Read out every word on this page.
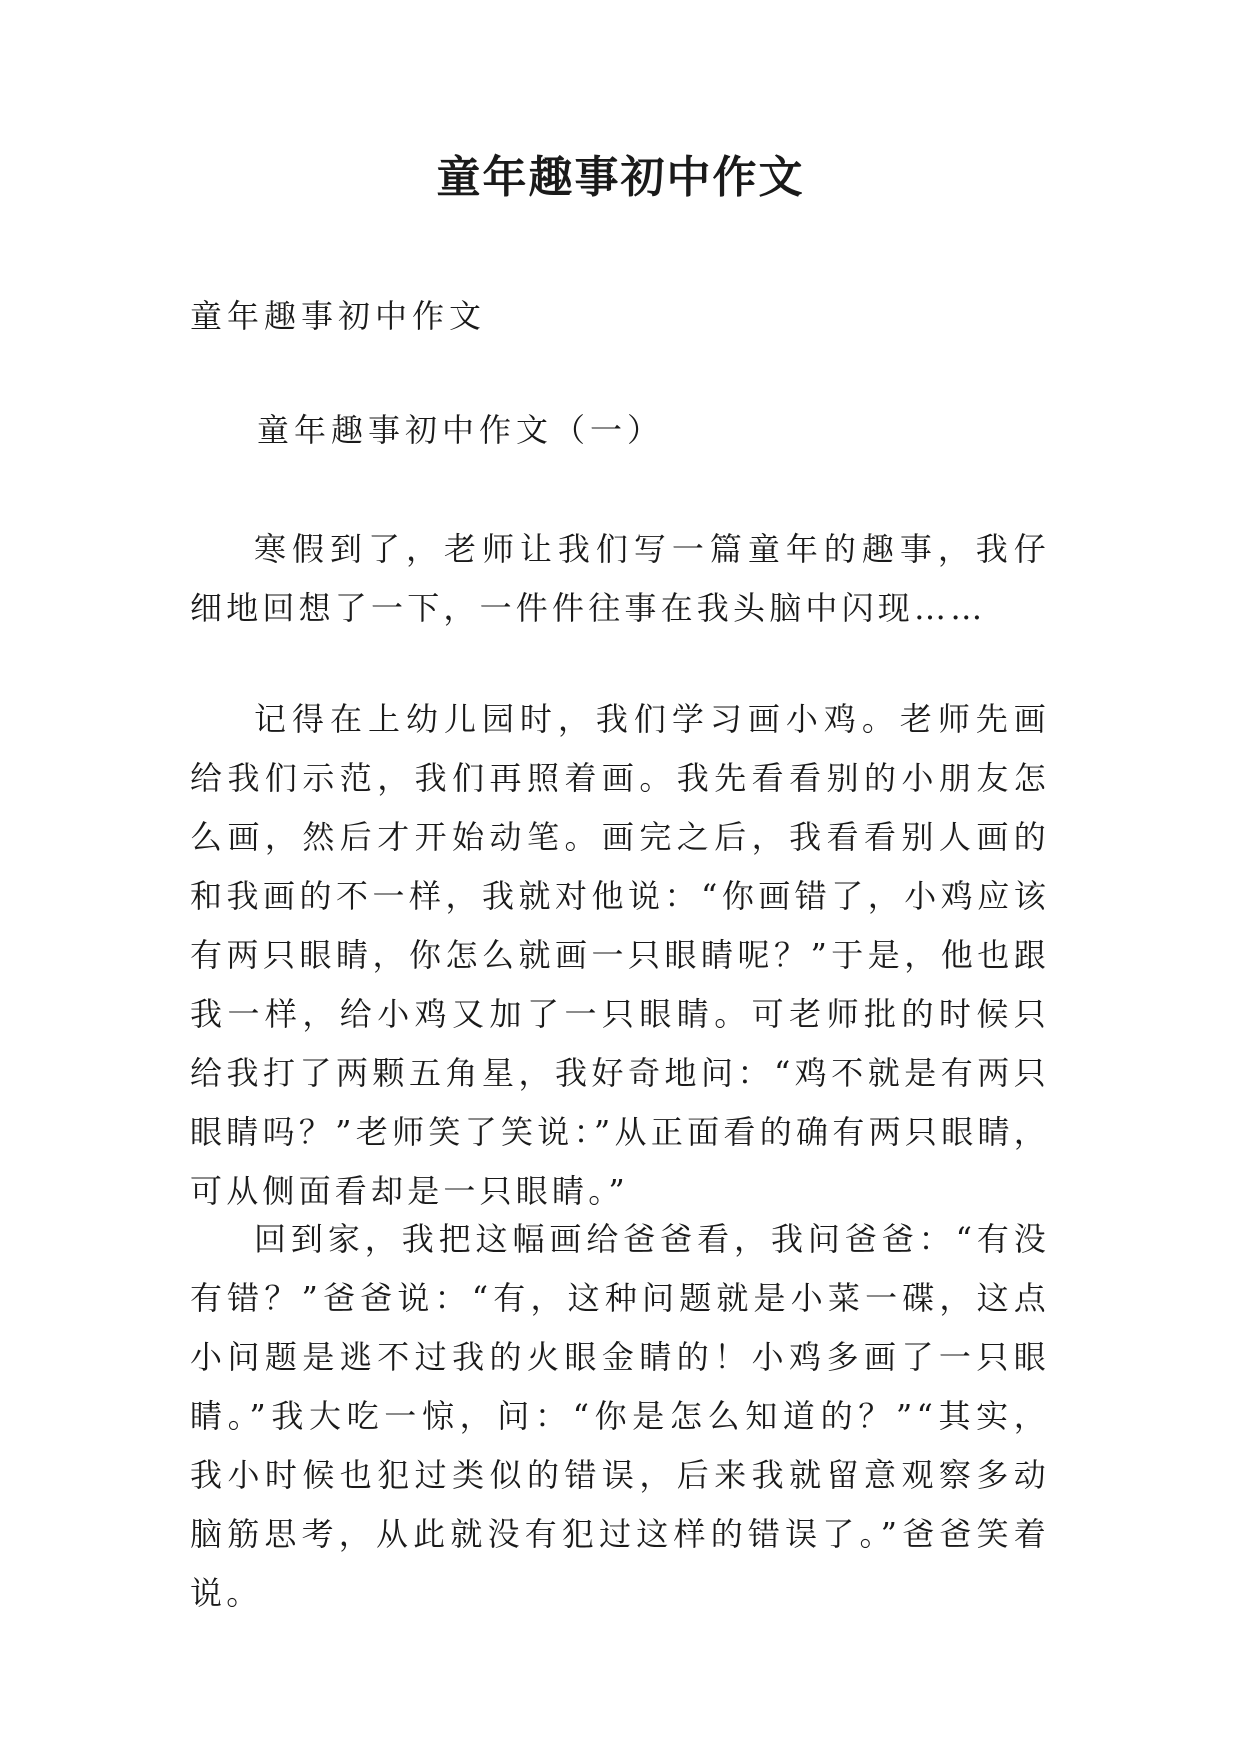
童年趣事初中作文

童年趣事初中作文

童年趣事初中作文（一）

寒假到了，老师让我们写一篇童年的趣事，我仔细地回想了一下，一件件往事在我头脑中闪现……

记得在上幼儿园时，我们学习画小鸡。老师先画给我们示范，我们再照着画。我先看看别的小朋友怎么画，然后才开始动笔。画完之后，我看看别人画的和我画的不一样，我就对他说：“你画错了，小鸡应该有两只眼睛，你怎么就画一只眼睛呢？”于是，他也跟我一样，给小鸡又加了一只眼睛。可老师批的时候只给我打了两颗五角星，我好奇地问：“鸡不就是有两只眼睛吗？”老师笑了笑说：”从正面看的确有两只眼睛，可从侧面看却是一只眼睛。”

回到家，我把这幅画给爸爸看，我问爸爸：“有没有错？”爸爸说：“有，这种问题就是小菜一碟，这点小问题是逃不过我的火眼金睛的！小鸡多画了一只眼睛。”我大吃一惊，问：“你是怎么知道的？”“其实，我小时候也犯过类似的错误，后来我就留意观察多动脑筋思考，从此就没有犯过这样的错误了。”爸爸笑着说。
